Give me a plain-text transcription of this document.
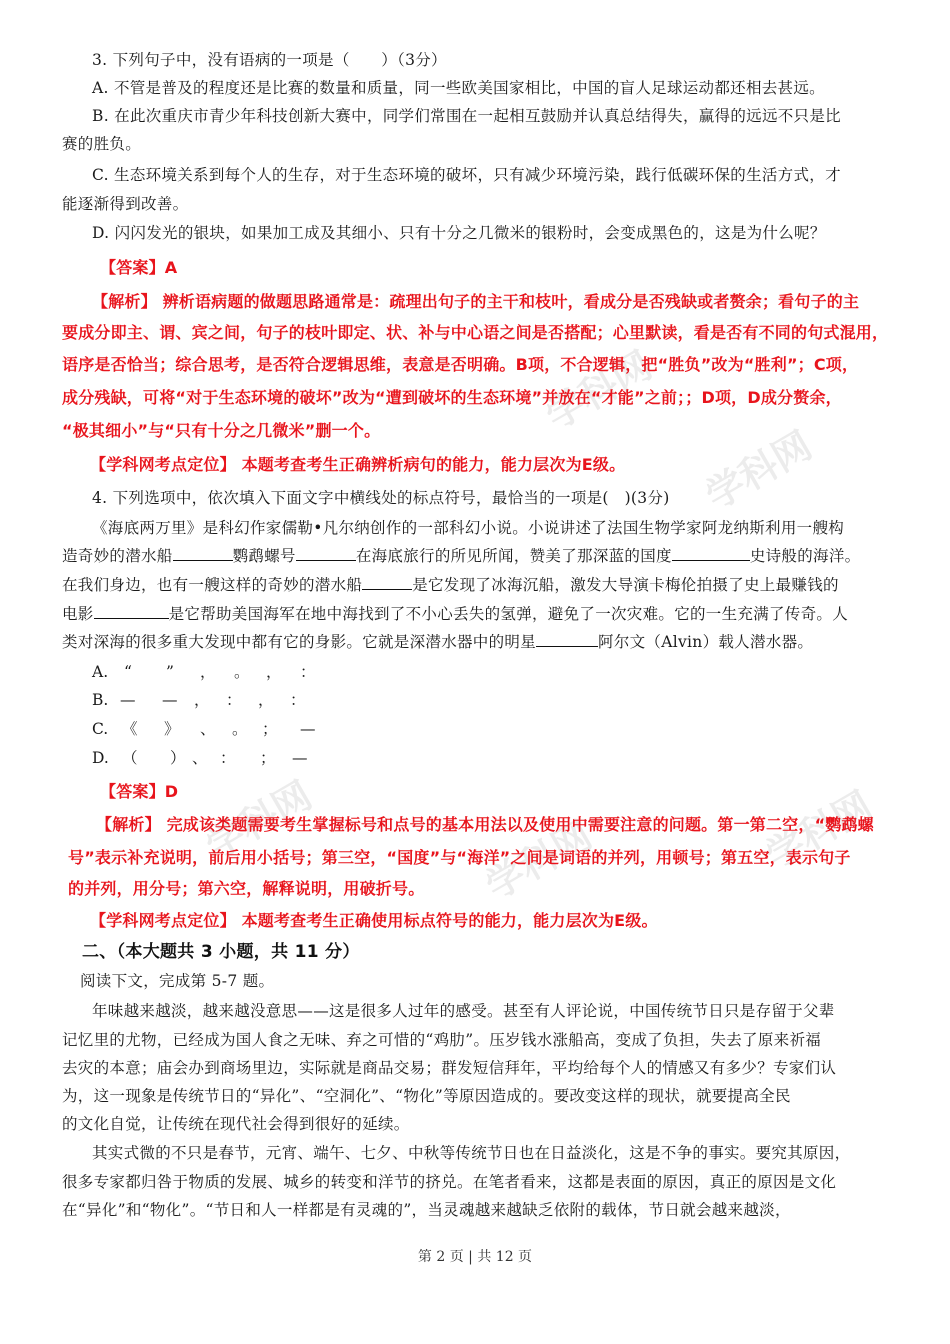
学科网
学科网
学科网	学科网	学科网
3. 下列句子中，没有语病的一项是（　　）（3分）
A. 不管是普及的程度还是比赛的数量和质量，同一些欧美国家相比，中国的盲人足球运动都还相去甚远。
B. 在此次重庆市青少年科技创新大赛中，同学们常围在一起相互鼓励并认真总结得失，赢得的远远不只是比
赛的胜负。
C. 生态环境关系到每个人的生存，对于生态环境的破坏，只有减少环境污染，践行低碳环保的生活方式，才
能逐渐得到改善。
D. 闪闪发光的银块，如果加工成及其细小、只有十分之几微米的银粉时，会变成黑色的，这是为什么呢？
【答案】A
【解析】 辨析语病题的做题思路通常是：疏理出句子的主干和枝叶，看成分是否残缺或者赘余；看句子的主
要成分即主、谓、宾之间，句子的枝叶即定、状、补与中心语之间是否搭配；心里默读，看是否有不同的句式混用，
语序是否恰当；综合思考，是否符合逻辑思维，表意是否明确。B项，不合逻辑，把“胜负”改为“胜利”；C项，
成分残缺，可将“对于生态环境的破坏”改为“遭到破坏的生态环境”并放在“才能”之前；；D项，D成分赘余，
“极其细小”与“只有十分之几微米”删一个。
【学科网考点定位】 本题考查考生正确辨析病句的能力，能力层次为E级。
4. 下列选项中，依次填入下面文字中横线处的标点符号，最恰当的一项是(　)(3分)
《海底两万里》是科幻作家儒勒•凡尔纳创作的一部科幻小说。小说讲述了法国生物学家阿龙纳斯利用一艘构
造奇妙的潜水船	鹦鹉螺号	在海底旅行的所见所闻，赞美了那深蓝的国度	史诗般的海洋。
在我们身边，也有一艘这样的奇妙的潜水船	是它发现了冰海沉船，激发大导演卡梅伦拍摄了史上最赚钱的
电影	是它帮助美国海军在地中海找到了不小心丢失的氢弹，避免了一次灾难。它的一生充满了传奇。人
类对深海的很多重大发现中都有它的身影。它就是深潜水器中的明星	阿尔文（Alvin）载人潜水器。
A. “ ” ， 。 ， ：
B. — — ， ： ， ：
C. 《 》 、 。 ； —
D. （ ） 、 ： ； —
【答案】D
【解析】 完成该类题需要考生掌握标号和点号的基本用法以及使用中需要注意的问题。第一第二空，“鹦鹉螺
号”表示补充说明，前后用小括号；第三空，“国度”与“海洋”之间是词语的并列，用顿号；第五空，表示句子
的并列，用分号；第六空，解释说明，用破折号。
【学科网考点定位】 本题考查考生正确使用标点符号的能力，能力层次为E级。
二、（本大题共 3 小题，共 11 分）
阅读下文，完成第 5-7 题。
年味越来越淡，越来越没意思——这是很多人过年的感受。甚至有人评论说，中国传统节日只是存留于父辈
记忆里的尤物，已经成为国人食之无味、弃之可惜的“鸡肋”。压岁钱水涨船高，变成了负担，失去了原来祈福
去灾的本意；庙会办到商场里边，实际就是商品交易；群发短信拜年，平均给每个人的情感又有多少？专家们认
为，这一现象是传统节日的“异化”、“空洞化”、“物化”等原因造成的。要改变这样的现状，就要提高全民
的文化自觉，让传统在现代社会得到很好的延续。
其实式微的不只是春节，元宵、端午、七夕、中秋等传统节日也在日益淡化，这是不争的事实。要究其原因，
很多专家都归咎于物质的发展、城乡的转变和洋节的挤兑。在笔者看来，这都是表面的原因，真正的原因是文化
在“异化”和“物化”。“节日和人一样都是有灵魂的”，当灵魂越来越缺乏依附的载体，节日就会越来越淡，
第 2 页 | 共 12 页
